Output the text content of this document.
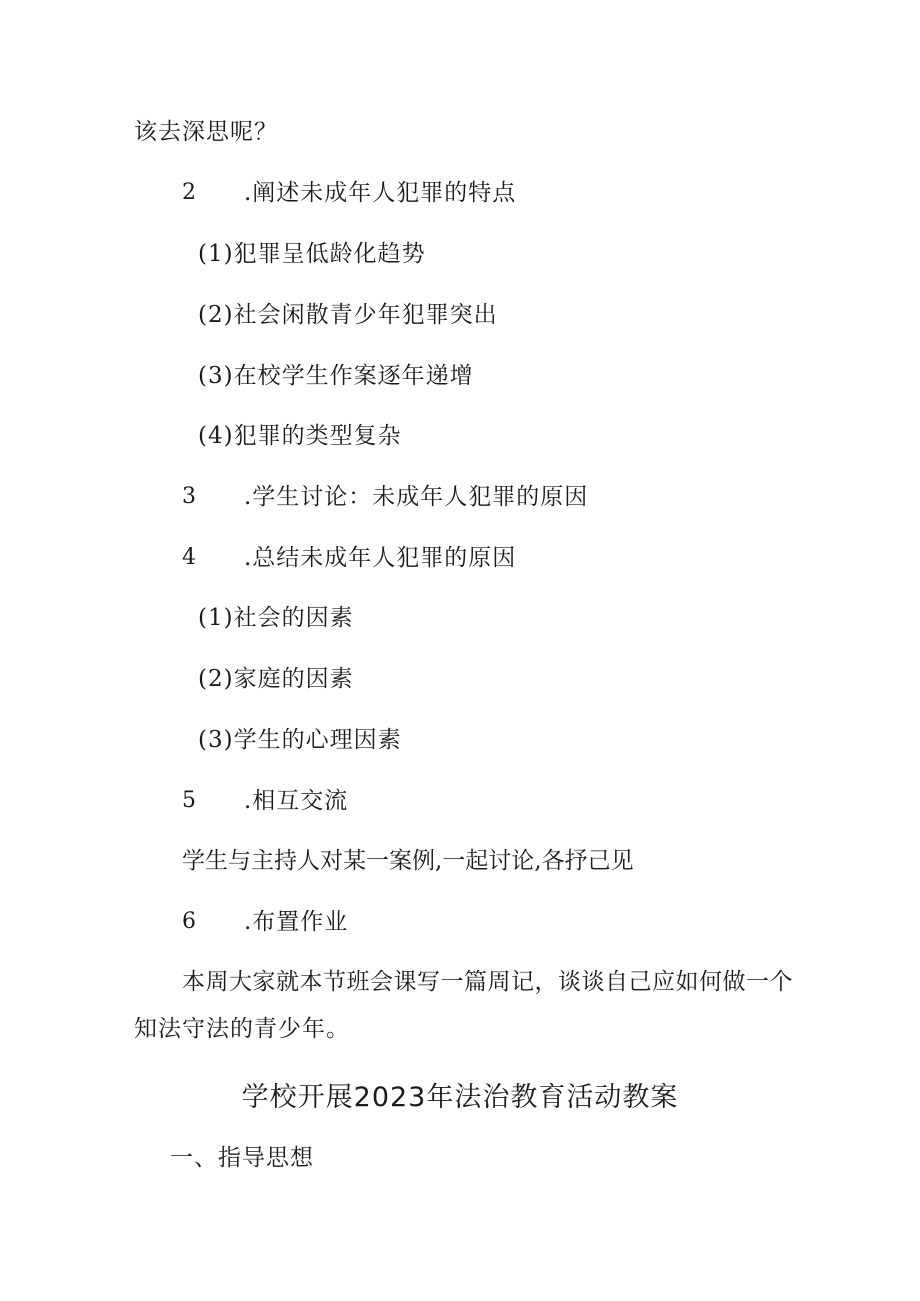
该去深思呢？
2 .阐述未成年人犯罪的特点
(1)犯罪呈低龄化趋势
(2)社会闲散青少年犯罪突出
(3)在校学生作案逐年递增
(4)犯罪的类型复杂
3 .学生讨论：未成年人犯罪的原因
4 .总结未成年人犯罪的原因
(1)社会的因素
(2)家庭的因素
(3)学生的心理因素
5 .相互交流
学生与主持人对某一案例,一起讨论,各抒己见
6 .布置作业
本周大家就本节班会课写一篇周记，谈谈自己应如何做一个
知法守法的青少年。
学校开展2023年法治教育活动教案
一、指导思想
